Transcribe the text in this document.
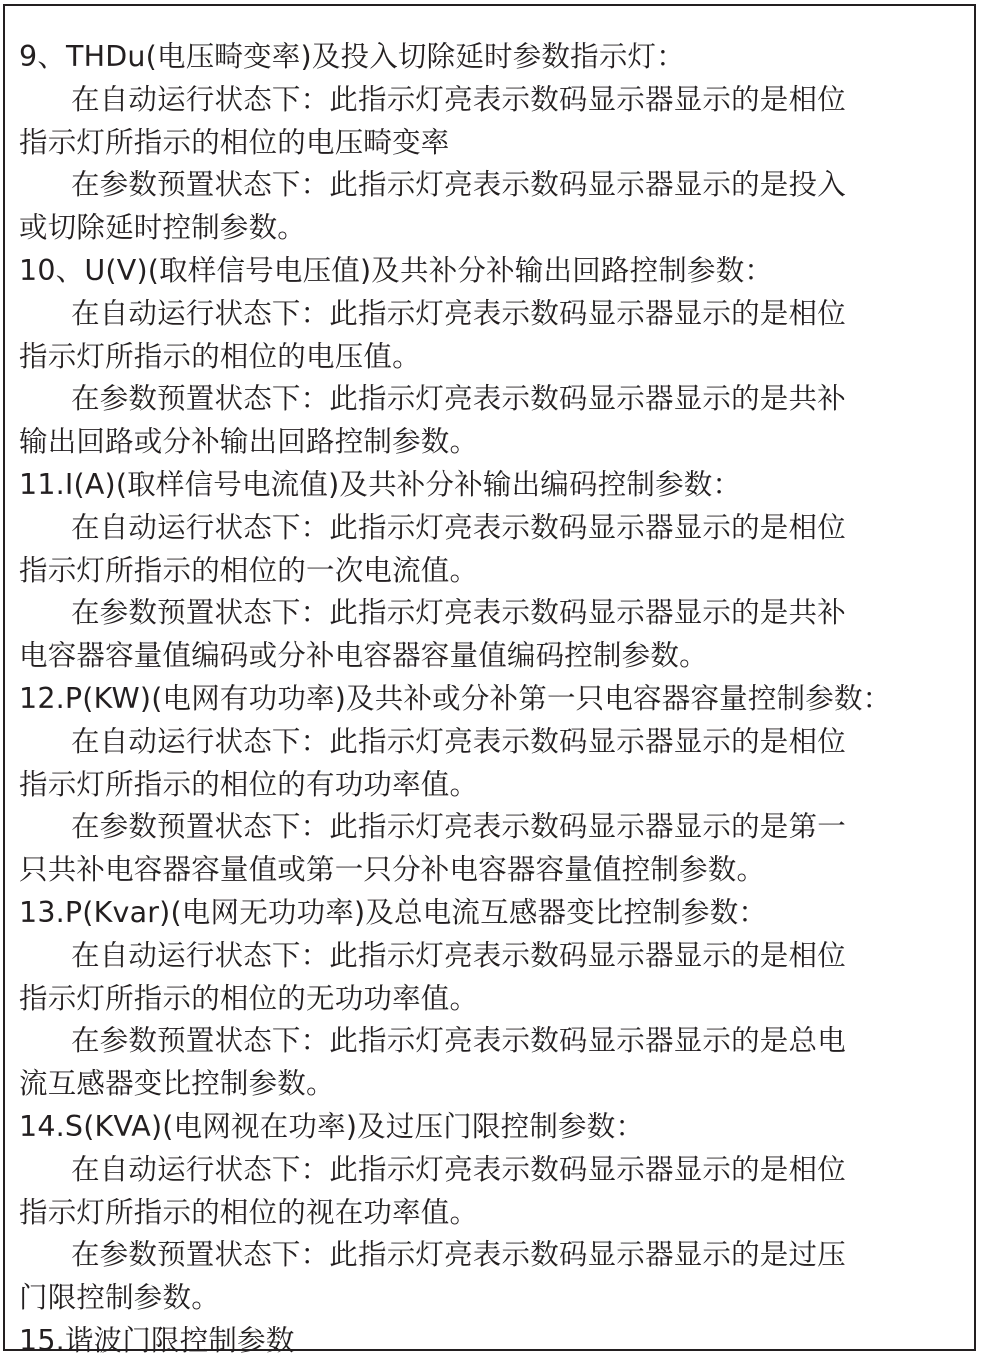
9、THDu(电压畸变率)及投入切除延时参数指示灯：
在自动运行状态下：此指示灯亮表示数码显示器显示的是相位
指示灯所指示的相位的电压畸变率
在参数预置状态下：此指示灯亮表示数码显示器显示的是投入
或切除延时控制参数。
10、U(V)(取样信号电压值)及共补分补输出回路控制参数：
在自动运行状态下：此指示灯亮表示数码显示器显示的是相位
指示灯所指示的相位的电压值。
在参数预置状态下：此指示灯亮表示数码显示器显示的是共补
输出回路或分补输出回路控制参数。
11.I(A)(取样信号电流值)及共补分补输出编码控制参数：
在自动运行状态下：此指示灯亮表示数码显示器显示的是相位
指示灯所指示的相位的一次电流值。
在参数预置状态下：此指示灯亮表示数码显示器显示的是共补
电容器容量值编码或分补电容器容量值编码控制参数。
12.P(KW)(电网有功功率)及共补或分补第一只电容器容量控制参数：
在自动运行状态下：此指示灯亮表示数码显示器显示的是相位
指示灯所指示的相位的有功功率值。
在参数预置状态下：此指示灯亮表示数码显示器显示的是第一
只共补电容器容量值或第一只分补电容器容量值控制参数。
13.P(Kvar)(电网无功功率)及总电流互感器变比控制参数：
在自动运行状态下：此指示灯亮表示数码显示器显示的是相位
指示灯所指示的相位的无功功率值。
在参数预置状态下：此指示灯亮表示数码显示器显示的是总电
流互感器变比控制参数。
14.S(KVA)(电网视在功率)及过压门限控制参数：
在自动运行状态下：此指示灯亮表示数码显示器显示的是相位
指示灯所指示的相位的视在功率值。
在参数预置状态下：此指示灯亮表示数码显示器显示的是过压
门限控制参数。
15.谐波门限控制参数
